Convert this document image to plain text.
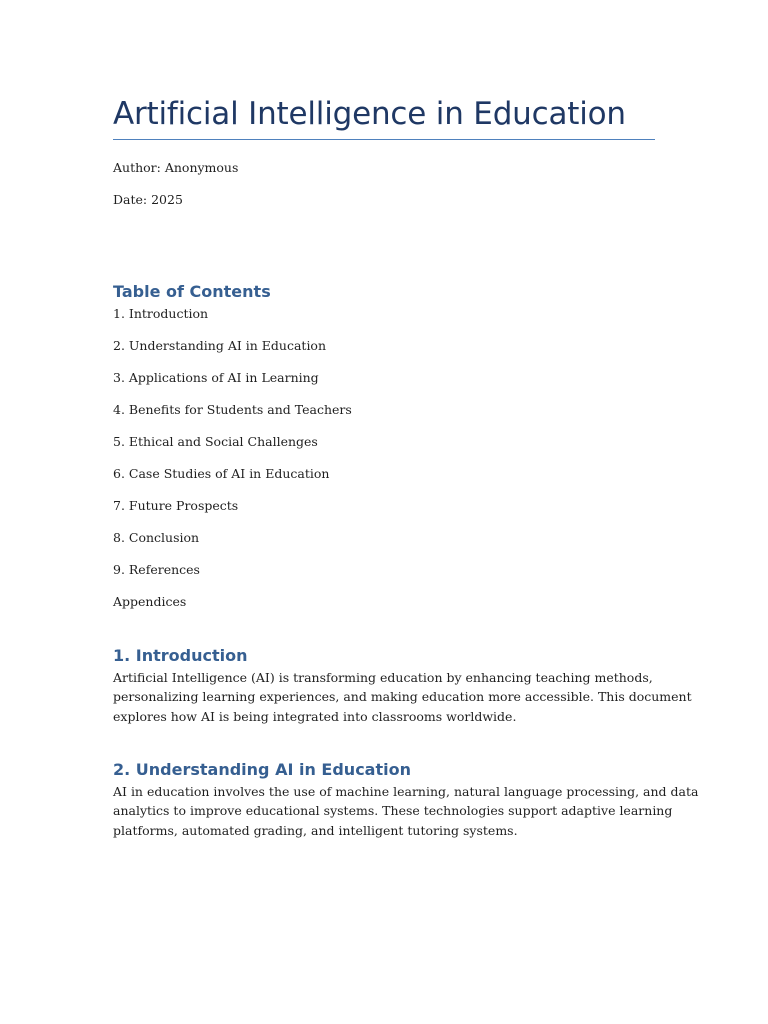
Artificial Intelligence in Education
Author: Anonymous
Date: 2025
Table of Contents
1. Introduction
2. Understanding AI in Education
3. Applications of AI in Learning
4. Benefits for Students and Teachers
5. Ethical and Social Challenges
6. Case Studies of AI in Education
7. Future Prospects
8. Conclusion
9. References
Appendices
1. Introduction
Artificial Intelligence (AI) is transforming education by enhancing teaching methods,
personalizing learning experiences, and making education more accessible. This document
explores how AI is being integrated into classrooms worldwide.
2. Understanding AI in Education
AI in education involves the use of machine learning, natural language processing, and data
analytics to improve educational systems. These technologies support adaptive learning
platforms, automated grading, and intelligent tutoring systems.
